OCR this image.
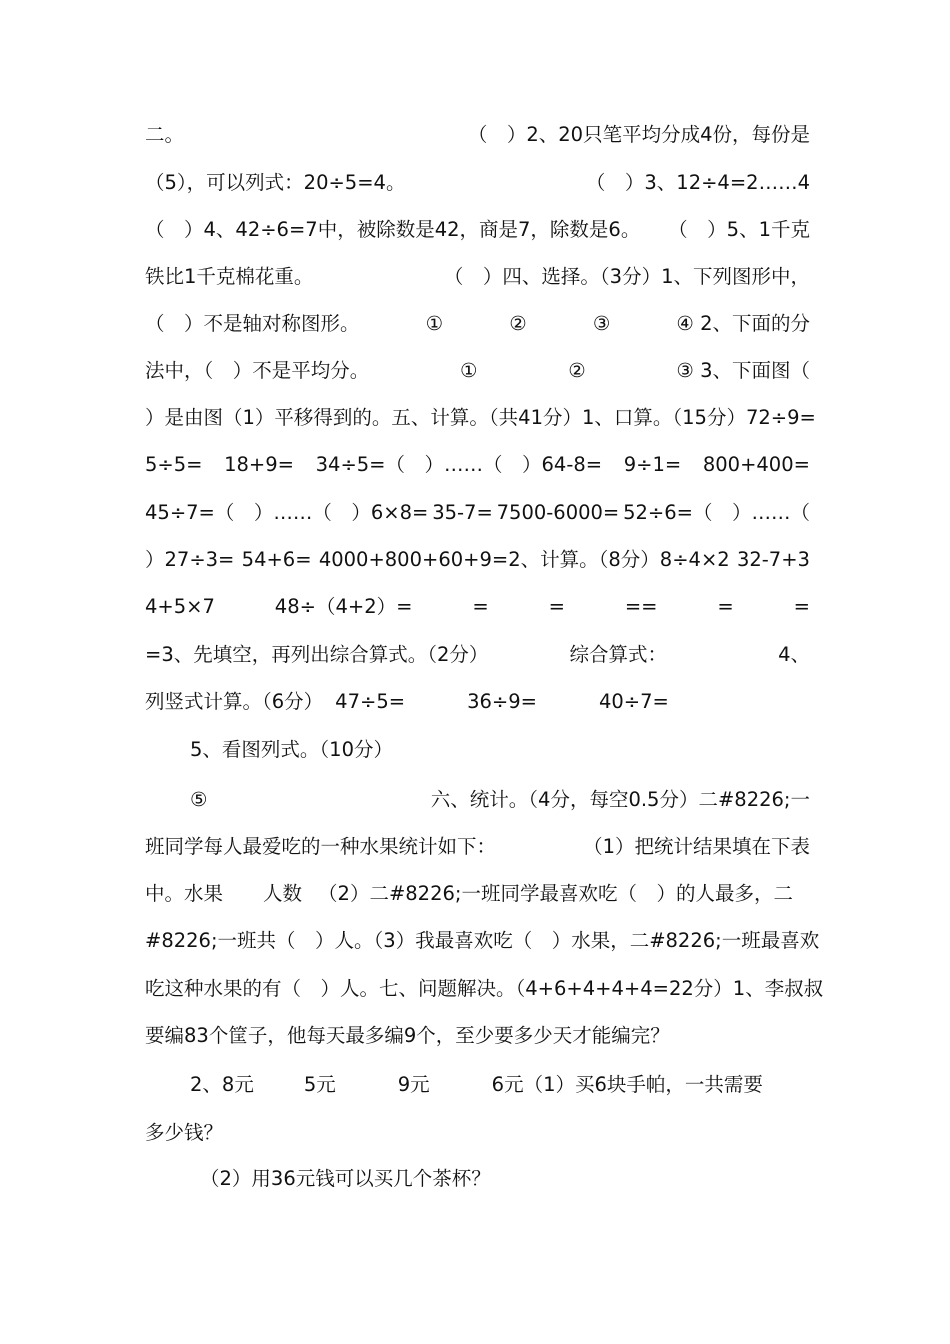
二。	（　）2、20只笔平均分成4份，每份是
（5），可以列式：20÷5=4。	（　）3、12÷4=2……4
（　）4、42÷6=7中，被除数是42，商是7，除数是6。 （　）5、1千克
铁比1千克棉花重。	（　）四、选择。（3分）1、下列图形中，
（　）不是轴对称图形。	①	②	③	④ 2、下面的分
法中，（　）不是平均分。	①	②	③ 3、下面图（
）是由图（1）平移得到的。五、计算。（共41分）1、口算。（15分）72÷9=
5÷5= 18+9= 34÷5=（　）……（　）64-8= 9÷1= 800+400=
45÷7=（　）……（　）6×8= 35-7= 7500-6000= 52÷6=（　）……（
）27÷3= 54+6= 4000+800+60+9=2、计算。（8分）8÷4×2 32-7+3
4+5×7	48÷（4+2）=	=	=	==	=	=
=3、先填空，再列出综合算式。（2分）	综合算式：	4、
列竖式计算。（6分） 47÷5=	36÷9=	40÷7=
5、看图列式。（10分）
⑤	六、统计。（4分，每空0.5分）二#8226;一
班同学每人最爱吃的一种水果统计如下：	（1）把统计结果填在下表
中。水果 人数 （2）二#8226;一班同学最喜欢吃（　）的人最多，二
#8226;一班共（　）人。（3）我最喜欢吃（　）水果，二#8226;一班最喜欢
吃这种水果的有（　）人。七、问题解决。（4+6+4+4+4=22分）1、李叔叔
要编83个筐子，他每天最多编9个，至少要多少天才能编完？
2、8元	5元	9元	6元（1）买6块手帕，一共需要
多少钱？
（2）用36元钱可以买几个茶杯？
